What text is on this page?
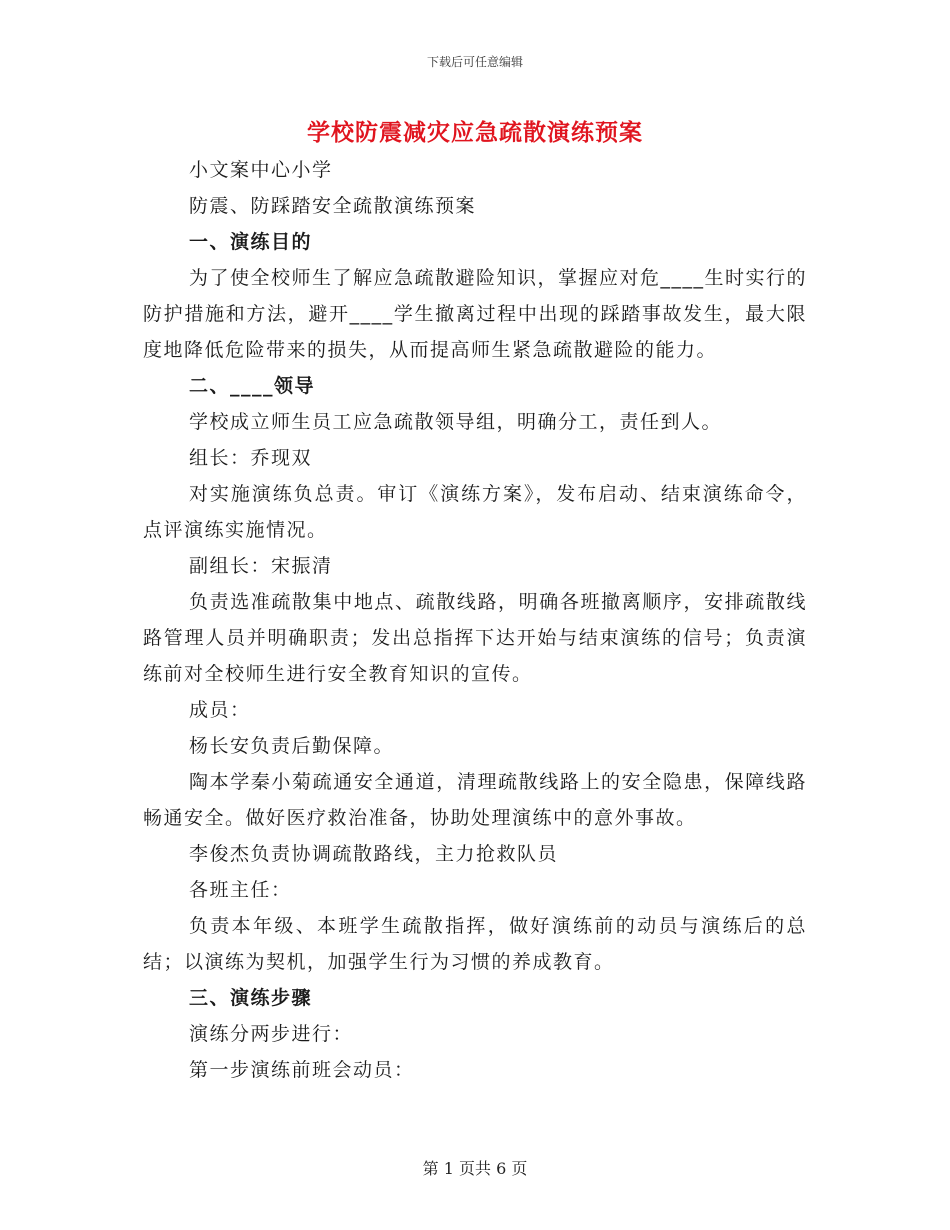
下载后可任意编辑
学校防震减灾应急疏散演练预案

小文案中心小学

防震、防踩踏安全疏散演练预案

一、演练目的

为了使全校师生了解应急疏散避险知识，掌握应对危____生时实行的防护措施和方法，避开____学生撤离过程中出现的踩踏事故发生，最大限度地降低危险带来的损失，从而提高师生紧急疏散避险的能力。

二、____领导

学校成立师生员工应急疏散领导组，明确分工，责任到人。

组长：乔现双

对实施演练负总责。审订《演练方案》，发布启动、结束演练命令，点评演练实施情况。

副组长：宋振清

负责选准疏散集中地点、疏散线路，明确各班撤离顺序，安排疏散线路管理人员并明确职责；发出总指挥下达开始与结束演练的信号；负责演练前对全校师生进行安全教育知识的宣传。

成员：

杨长安负责后勤保障。

陶本学秦小菊疏通安全通道，清理疏散线路上的安全隐患，保障线路畅通安全。做好医疗救治准备，协助处理演练中的意外事故。

李俊杰负责协调疏散路线，主力抢救队员

各班主任：

负责本年级、本班学生疏散指挥，做好演练前的动员与演练后的总结；以演练为契机，加强学生行为习惯的养成教育。

三、演练步骤

演练分两步进行：

第一步演练前班会动员：

第 1 页共 6 页
